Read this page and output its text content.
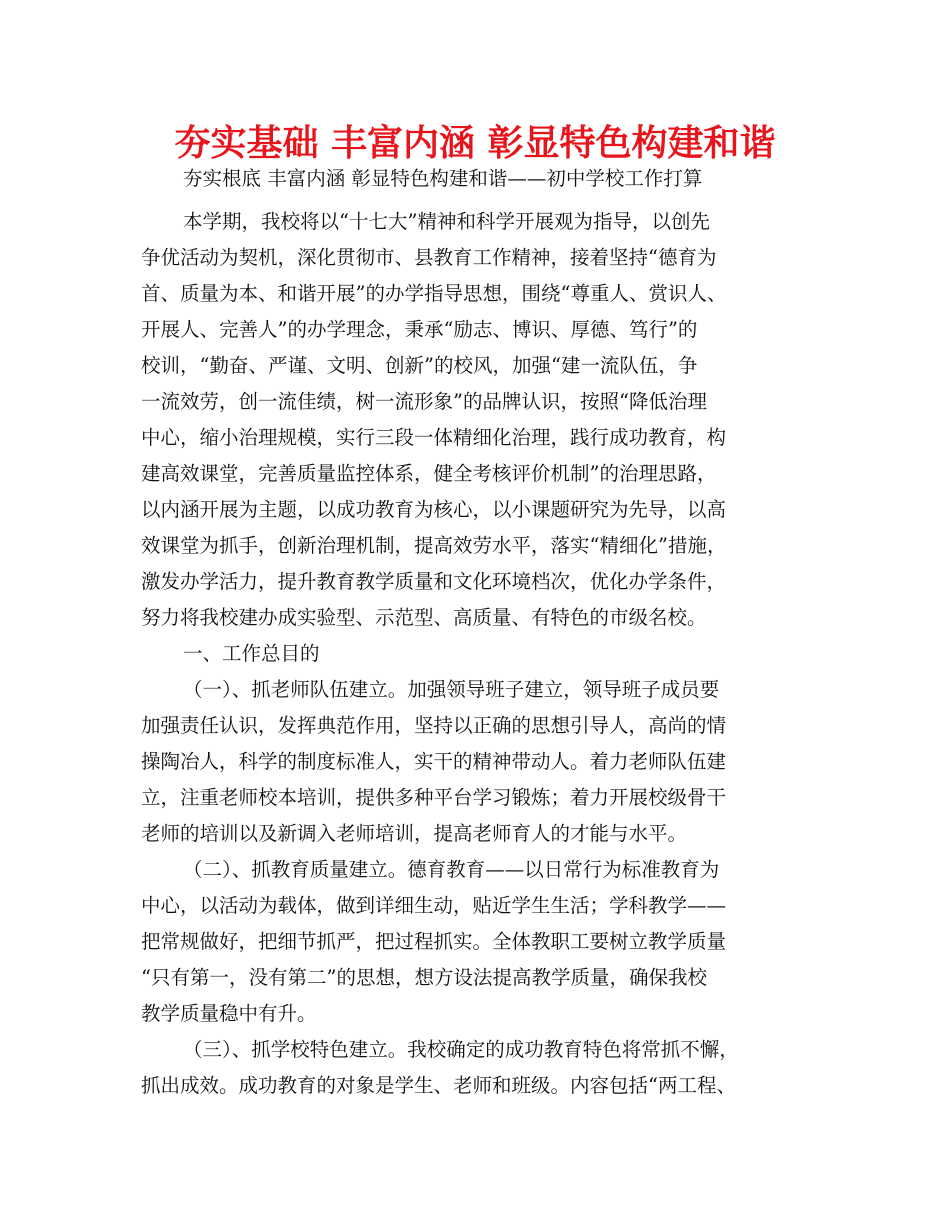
夯实基础 丰富内涵 彰显特色构建和谐
夯实根底 丰富内涵 彰显特色构建和谐——初中学校工作打算
本学期，我校将以“十七大”精神和科学开展观为指导，以创先
争优活动为契机，深化贯彻市、县教育工作精神，接着坚持“德育为
首、质量为本、和谐开展”的办学指导思想，围绕“尊重人、赏识人、
开展人、完善人”的办学理念，秉承“励志、博识、厚德、笃行”的
校训，“勤奋、严谨、文明、创新”的校风，加强“建一流队伍，争
一流效劳，创一流佳绩，树一流形象”的品牌认识，按照“降低治理
中心，缩小治理规模，实行三段一体精细化治理，践行成功教育，构
建高效课堂，完善质量监控体系，健全考核评价机制”的治理思路，
以内涵开展为主题，以成功教育为核心，以小课题研究为先导，以高
效课堂为抓手，创新治理机制，提高效劳水平，落实“精细化”措施，
激发办学活力，提升教育教学质量和文化环境档次，优化办学条件，
努力将我校建办成实验型、示范型、高质量、有特色的市级名校。
一、工作总目的
（一）、抓老师队伍建立。加强领导班子建立，领导班子成员要
加强责任认识，发挥典范作用，坚持以正确的思想引导人，高尚的情
操陶冶人，科学的制度标准人，实干的精神带动人。着力老师队伍建
立，注重老师校本培训，提供多种平台学习锻炼；着力开展校级骨干
老师的培训以及新调入老师培训，提高老师育人的才能与水平。
（二）、抓教育质量建立。德育教育——以日常行为标准教育为
中心，以活动为载体，做到详细生动，贴近学生生活；学科教学——
把常规做好，把细节抓严，把过程抓实。全体教职工要树立教学质量
“只有第一，没有第二”的思想，想方设法提高教学质量，确保我校
教学质量稳中有升。
（三）、抓学校特色建立。我校确定的成功教育特色将常抓不懈，
抓出成效。成功教育的对象是学生、老师和班级。内容包括“两工程、
